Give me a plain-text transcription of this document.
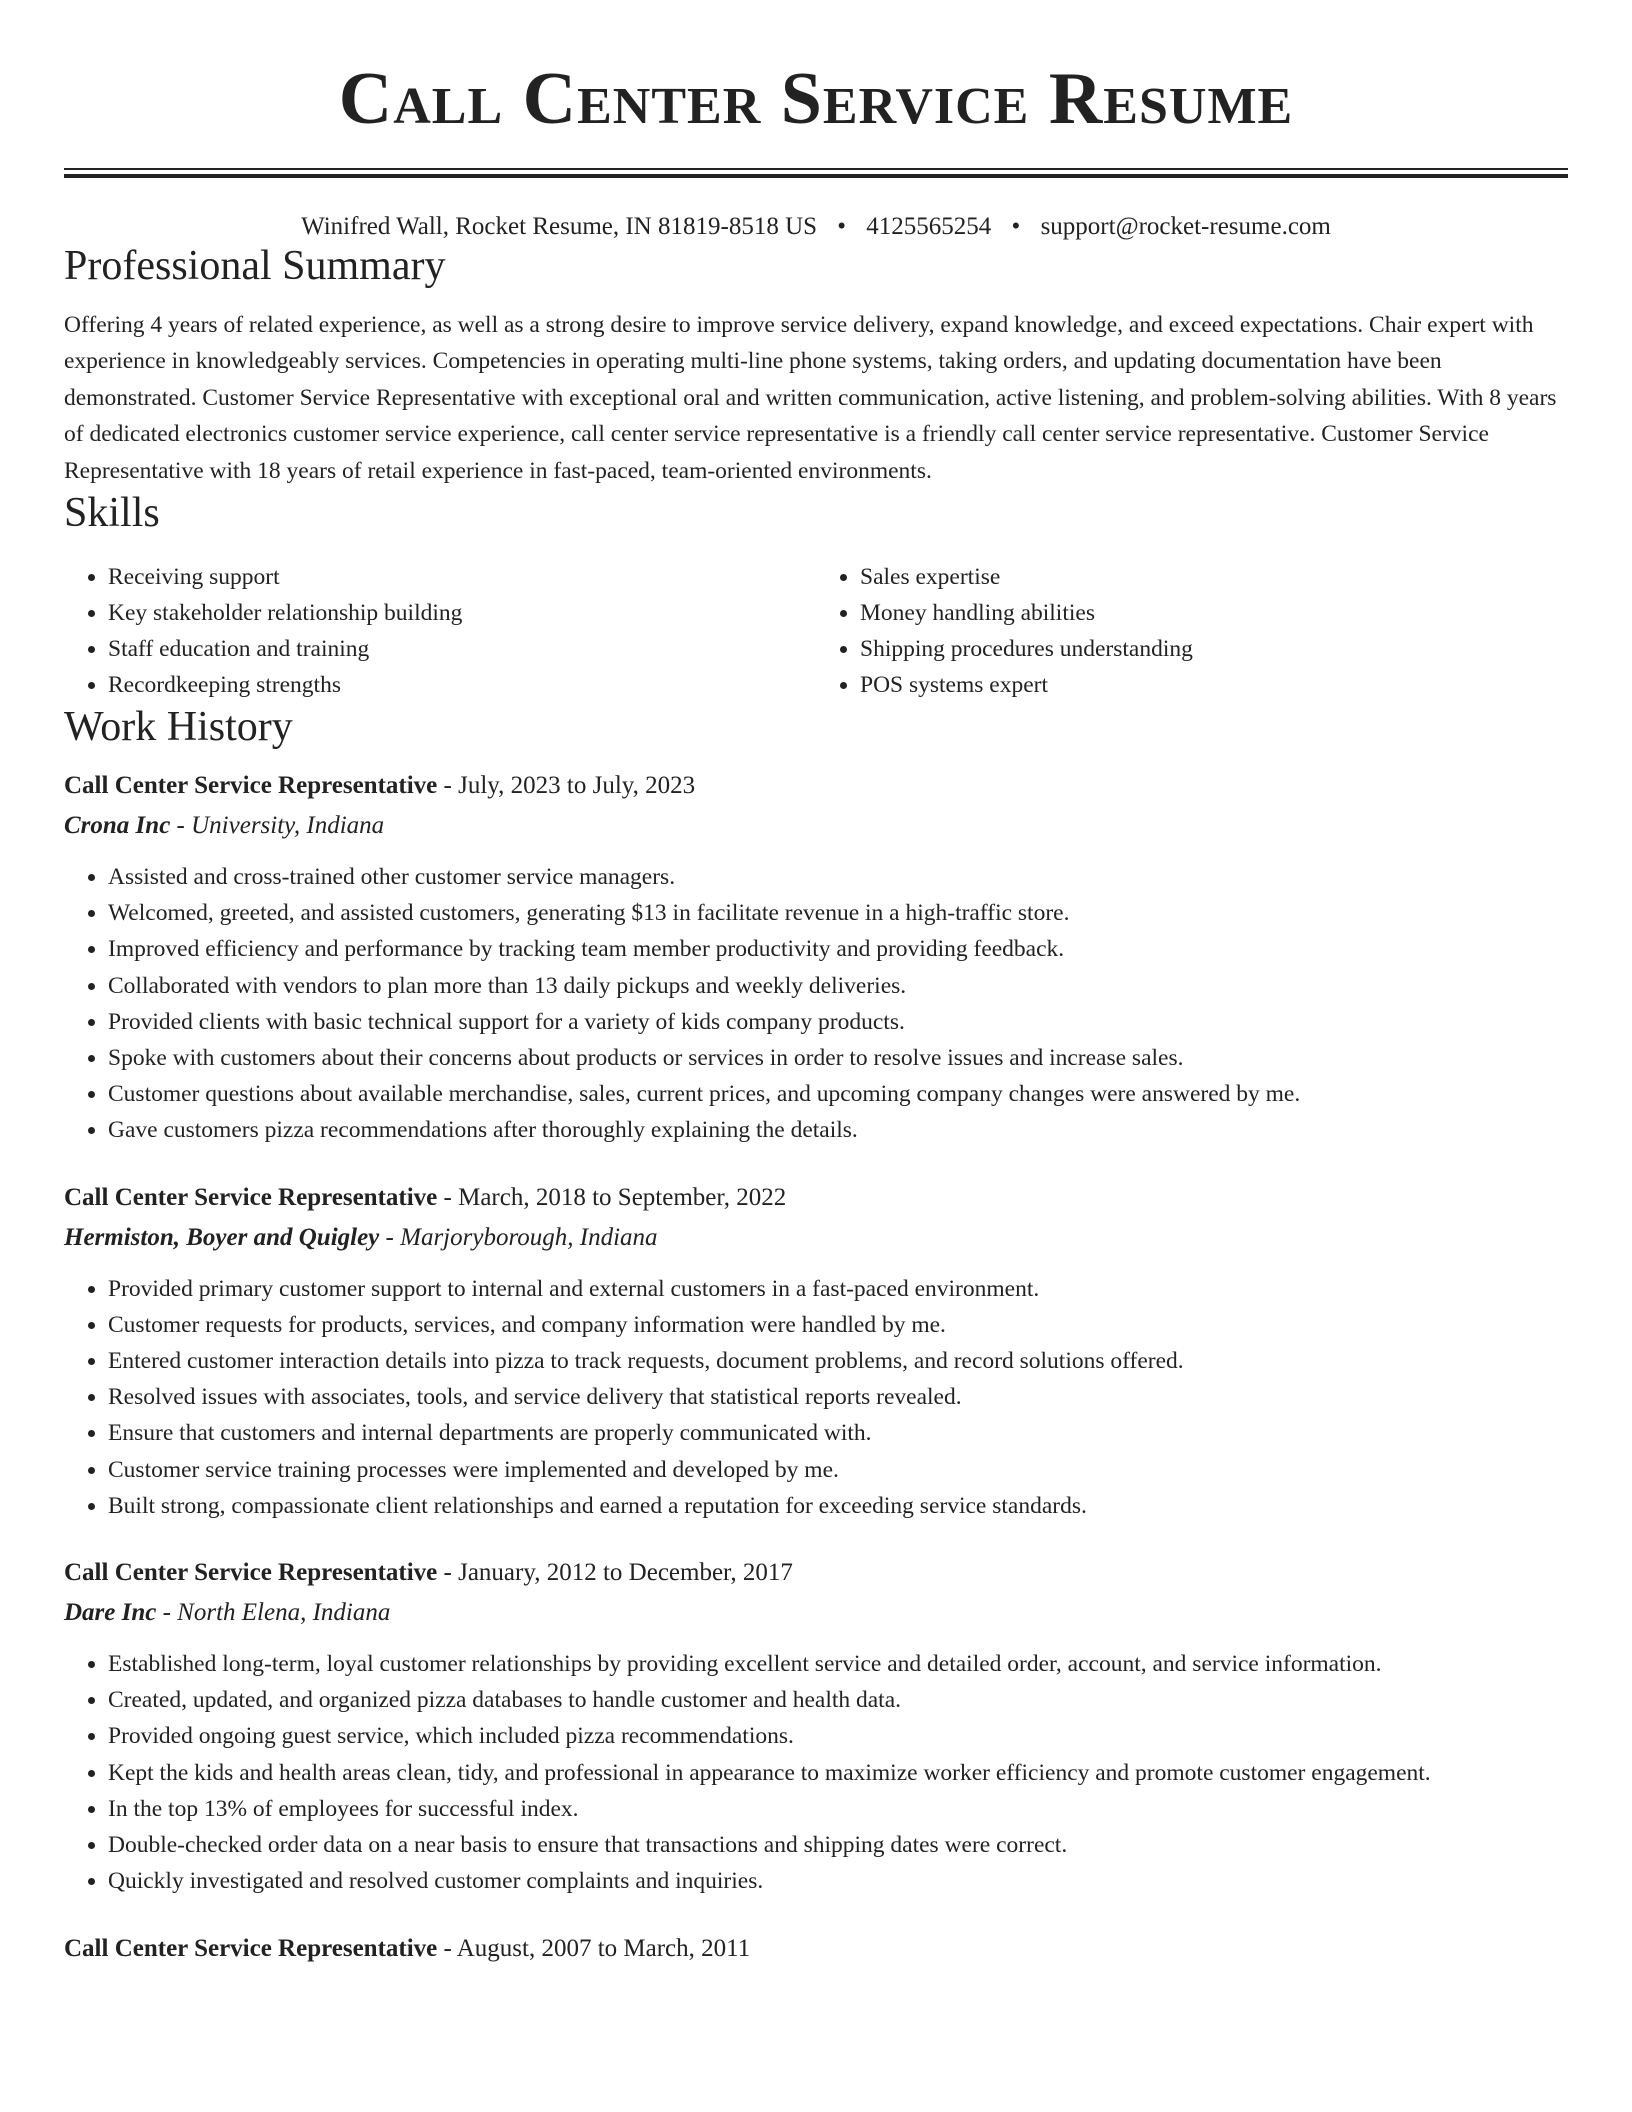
Call Center Service Resume
Winifred Wall, Rocket Resume, IN 81819-8518 US • 4125565254 • support@rocket-resume.com
Professional Summary

Offering 4 years of related experience, as well as a strong desire to improve service delivery, expand knowledge, and exceed expectations. Chair expert with experience in knowledgeably services. Competencies in operating multi-line phone systems, taking orders, and updating documentation have been demonstrated. Customer Service Representative with exceptional oral and written communication, active listening, and problem-solving abilities. With 8 years of dedicated electronics customer service experience, call center service representative is a friendly call center service representative. Customer Service Representative with 18 years of retail experience in fast-paced, team-oriented environments.

Skills
• Receiving support
• Key stakeholder relationship building
• Staff education and training
• Recordkeeping strengths
• Sales expertise
• Money handling abilities
• Shipping procedures understanding
• POS systems expert
Work History
Call Center Service Representative - July, 2023 to July, 2023
Crona Inc - University, Indiana
• Assisted and cross-trained other customer service managers.
• Welcomed, greeted, and assisted customers, generating $13 in facilitate revenue in a high-traffic store.
• Improved efficiency and performance by tracking team member productivity and providing feedback.
• Collaborated with vendors to plan more than 13 daily pickups and weekly deliveries.
• Provided clients with basic technical support for a variety of kids company products.
• Spoke with customers about their concerns about products or services in order to resolve issues and increase sales.
• Customer questions about available merchandise, sales, current prices, and upcoming company changes were answered by me.
• Gave customers pizza recommendations after thoroughly explaining the details.
Call Center Service Representative - March, 2018 to September, 2022
Hermiston, Boyer and Quigley - Marjoryborough, Indiana
• Provided primary customer support to internal and external customers in a fast-paced environment.
• Customer requests for products, services, and company information were handled by me.
• Entered customer interaction details into pizza to track requests, document problems, and record solutions offered.
• Resolved issues with associates, tools, and service delivery that statistical reports revealed.
• Ensure that customers and internal departments are properly communicated with.
• Customer service training processes were implemented and developed by me.
• Built strong, compassionate client relationships and earned a reputation for exceeding service standards.
Call Center Service Representative - January, 2012 to December, 2017
Dare Inc - North Elena, Indiana
• Established long-term, loyal customer relationships by providing excellent service and detailed order, account, and service information.
• Created, updated, and organized pizza databases to handle customer and health data.
• Provided ongoing guest service, which included pizza recommendations.
• Kept the kids and health areas clean, tidy, and professional in appearance to maximize worker efficiency and promote customer engagement.
• In the top 13% of employees for successful index.
• Double-checked order data on a near basis to ensure that transactions and shipping dates were correct.
• Quickly investigated and resolved customer complaints and inquiries.
Call Center Service Representative - August, 2007 to March, 2011
